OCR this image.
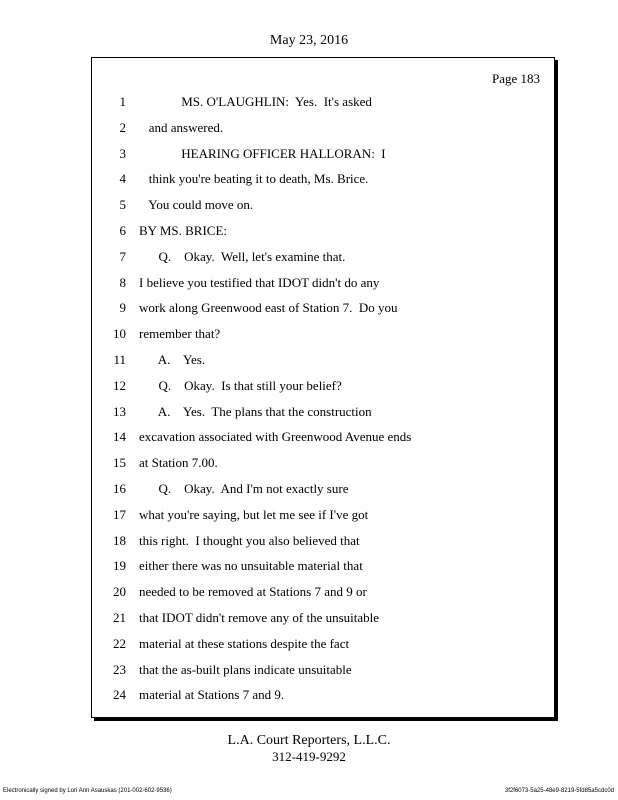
May 23, 2016
Page 183
1 MS. O'LAUGHLIN:  Yes.  It's asked
2 and answered.
3 HEARING OFFICER HALLORAN:  I
4 think you're beating it to death, Ms. Brice.
5 You could move on.
6 BY MS. BRICE:
7 Q.    Okay.  Well, let's examine that.
8 I believe you testified that IDOT didn't do any
9 work along Greenwood east of Station 7.  Do you
10 remember that?
11 A.    Yes.
12 Q.    Okay.  Is that still your belief?
13 A.    Yes.  The plans that the construction
14 excavation associated with Greenwood Avenue ends
15 at Station 7.00.
16 Q.    Okay.  And I'm not exactly sure
17 what you're saying, but let me see if I've got
18 this right.  I thought you also believed that
19 either there was no unsuitable material that
20 needed to be removed at Stations 7 and 9 or
21 that IDOT didn't remove any of the unsuitable
22 material at these stations despite the fact
23 that the as-built plans indicate unsuitable
24 material at Stations 7 and 9.
L.A. Court Reporters, L.L.C.
312-419-9292
Electronically signed by Lori Ann Asauskas (201-002-602-9536)	3f2f6073-5a25-48e9-8219-5fd85a5cdc0d
